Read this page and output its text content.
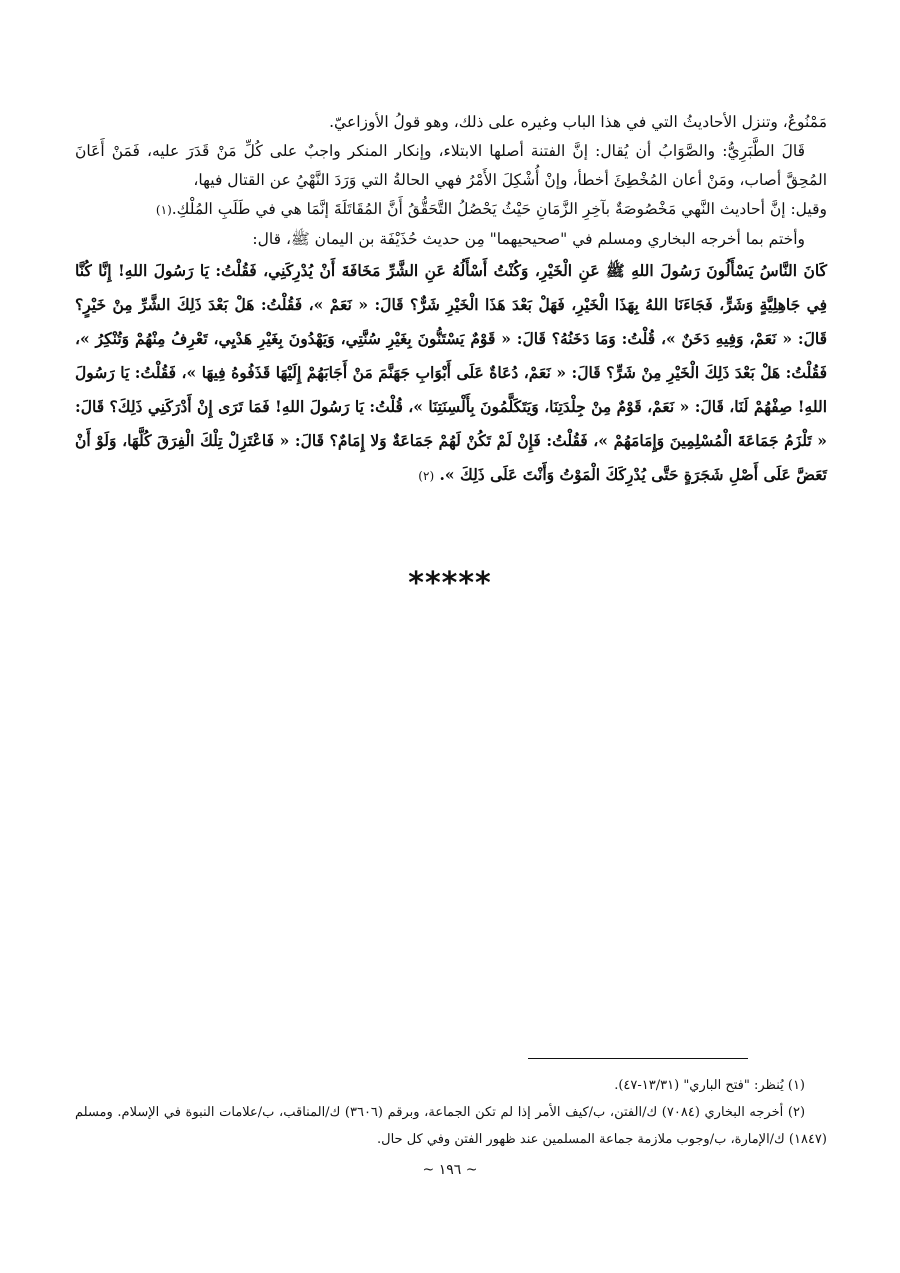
مَمْنُوعٌ، وتنزل الأحاديثُ التي في هذا الباب وغيره على ذلك، وهو قولُ الأوزاعيّ.

قَالَ الطَّبَرِيُّ: والصَّوَابُ أن يُقال: إنَّ الفتنة أصلها الابتلاء، وإنكار المنكر واجبٌ على كُلِّ مَنْ قَدَرَ عليه، فَمَنْ أَعَانَ المُحِقَّ أصاب، ومَنْ أعان المُخْطِئَ أخطأ، وإنْ أُشْكِلَ الأَمْرُ فهي الحالةُ التي وَرَدَ النَّهْيُ عن القتال فيها،

وقيل: إنَّ أحاديث النَّهي مَخْصُوصَةٌ بآخِرِ الزَّمَانِ حَيْثُ يَحْصُلُ التَّحَقُّقُ أَنَّ المُقَاتَلَةَ إنَّمَا هي في طَلَبِ المُلْكِ.(١)

وأختم بما أخرجه البخاري ومسلم في "صحيحيهما" مِن حديث حُذَيْفَة بن اليمان ﷺ، قال:

كَانَ النَّاسُ يَسْأَلُونَ رَسُولَ اللهِ ﷺ عَنِ الْخَيْرِ، وَكُنْتُ أَسْأَلُهُ عَنِ الشَّرِّ مَخَافَةَ أَنْ يُدْرِكَنِي، فَقُلْتُ: يَا رَسُولَ اللهِ! إِنَّا كُنَّا فِي جَاهِلِيَّةٍ وَشَرٍّ، فَجَاءَنَا اللهُ بِهَذَا الْخَيْرِ، فَهَلْ بَعْدَ هَذَا الْخَيْرِ شَرٌّ؟ قَالَ: « نَعَمْ »، فَقُلْتُ: هَلْ بَعْدَ ذَلِكَ الشَّرِّ مِنْ خَيْرٍ؟ قَالَ: « نَعَمْ، وَفِيهِ دَخَنٌ »، قُلْتُ: وَمَا دَخَنُهُ؟ قَالَ: « قَوْمٌ يَسْتَنُّونَ بِغَيْرِ سُنَّتِي، وَيَهْدُونَ بِغَيْرِ هَدْيِي، تَعْرِفُ مِنْهُمْ وَتُنْكِرُ »، فَقُلْتُ: هَلْ بَعْدَ ذَلِكَ الْخَيْرِ مِنْ شَرٍّ؟ قَالَ: « نَعَمْ، دُعَاةٌ عَلَى أَبْوَابِ جَهَنَّمَ مَنْ أَجَابَهُمْ إِلَيْهَا قَذَفُوهُ فِيهَا »، فَقُلْتُ: يَا رَسُولَ اللهِ! صِفْهُمْ لَنَا، قَالَ: « نَعَمْ، قَوْمٌ مِنْ جِلْدَتِنَا، وَيَتَكَلَّمُونَ بِأَلْسِنَتِنَا »، قُلْتُ: يَا رَسُولَ اللهِ! فَمَا تَرَى إِنْ أَدْرَكَنِي ذَلِكَ؟ قَالَ: « تَلْزَمُ جَمَاعَةَ الْمُسْلِمِينَ وَإِمَامَهُمْ »، فَقُلْتُ: فَإِنْ لَمْ تَكُنْ لَهُمْ جَمَاعَةٌ وَلا إِمَامٌ؟ قَالَ: « فَاعْتَزِلْ تِلْكَ الْفِرَقَ كُلَّهَا، وَلَوْ أَنْ تَعَضَّ عَلَى أَصْلِ شَجَرَةٍ حَتَّى يُدْرِكَكَ الْمَوْتُ وَأَنْتَ عَلَى ذَلِكَ ». (٢)

*****

(١) يُنظر: "فتح الباري" (١٣/٣١-٤٧).

(٢) أخرجه البخاري (٧٠٨٤) ك/الفتن، ب/كيف الأمر إذا لم تكن الجماعة، وبرقم (٣٦٠٦) ك/المناقب، ب/علامات النبوة في الإسلام. ومسلم (١٨٤٧) ك/الإمارة، ب/وجوب ملازمة جماعة المسلمين عند ظهور الفتن وفي كل حال.

~ ١٩٦ ~
